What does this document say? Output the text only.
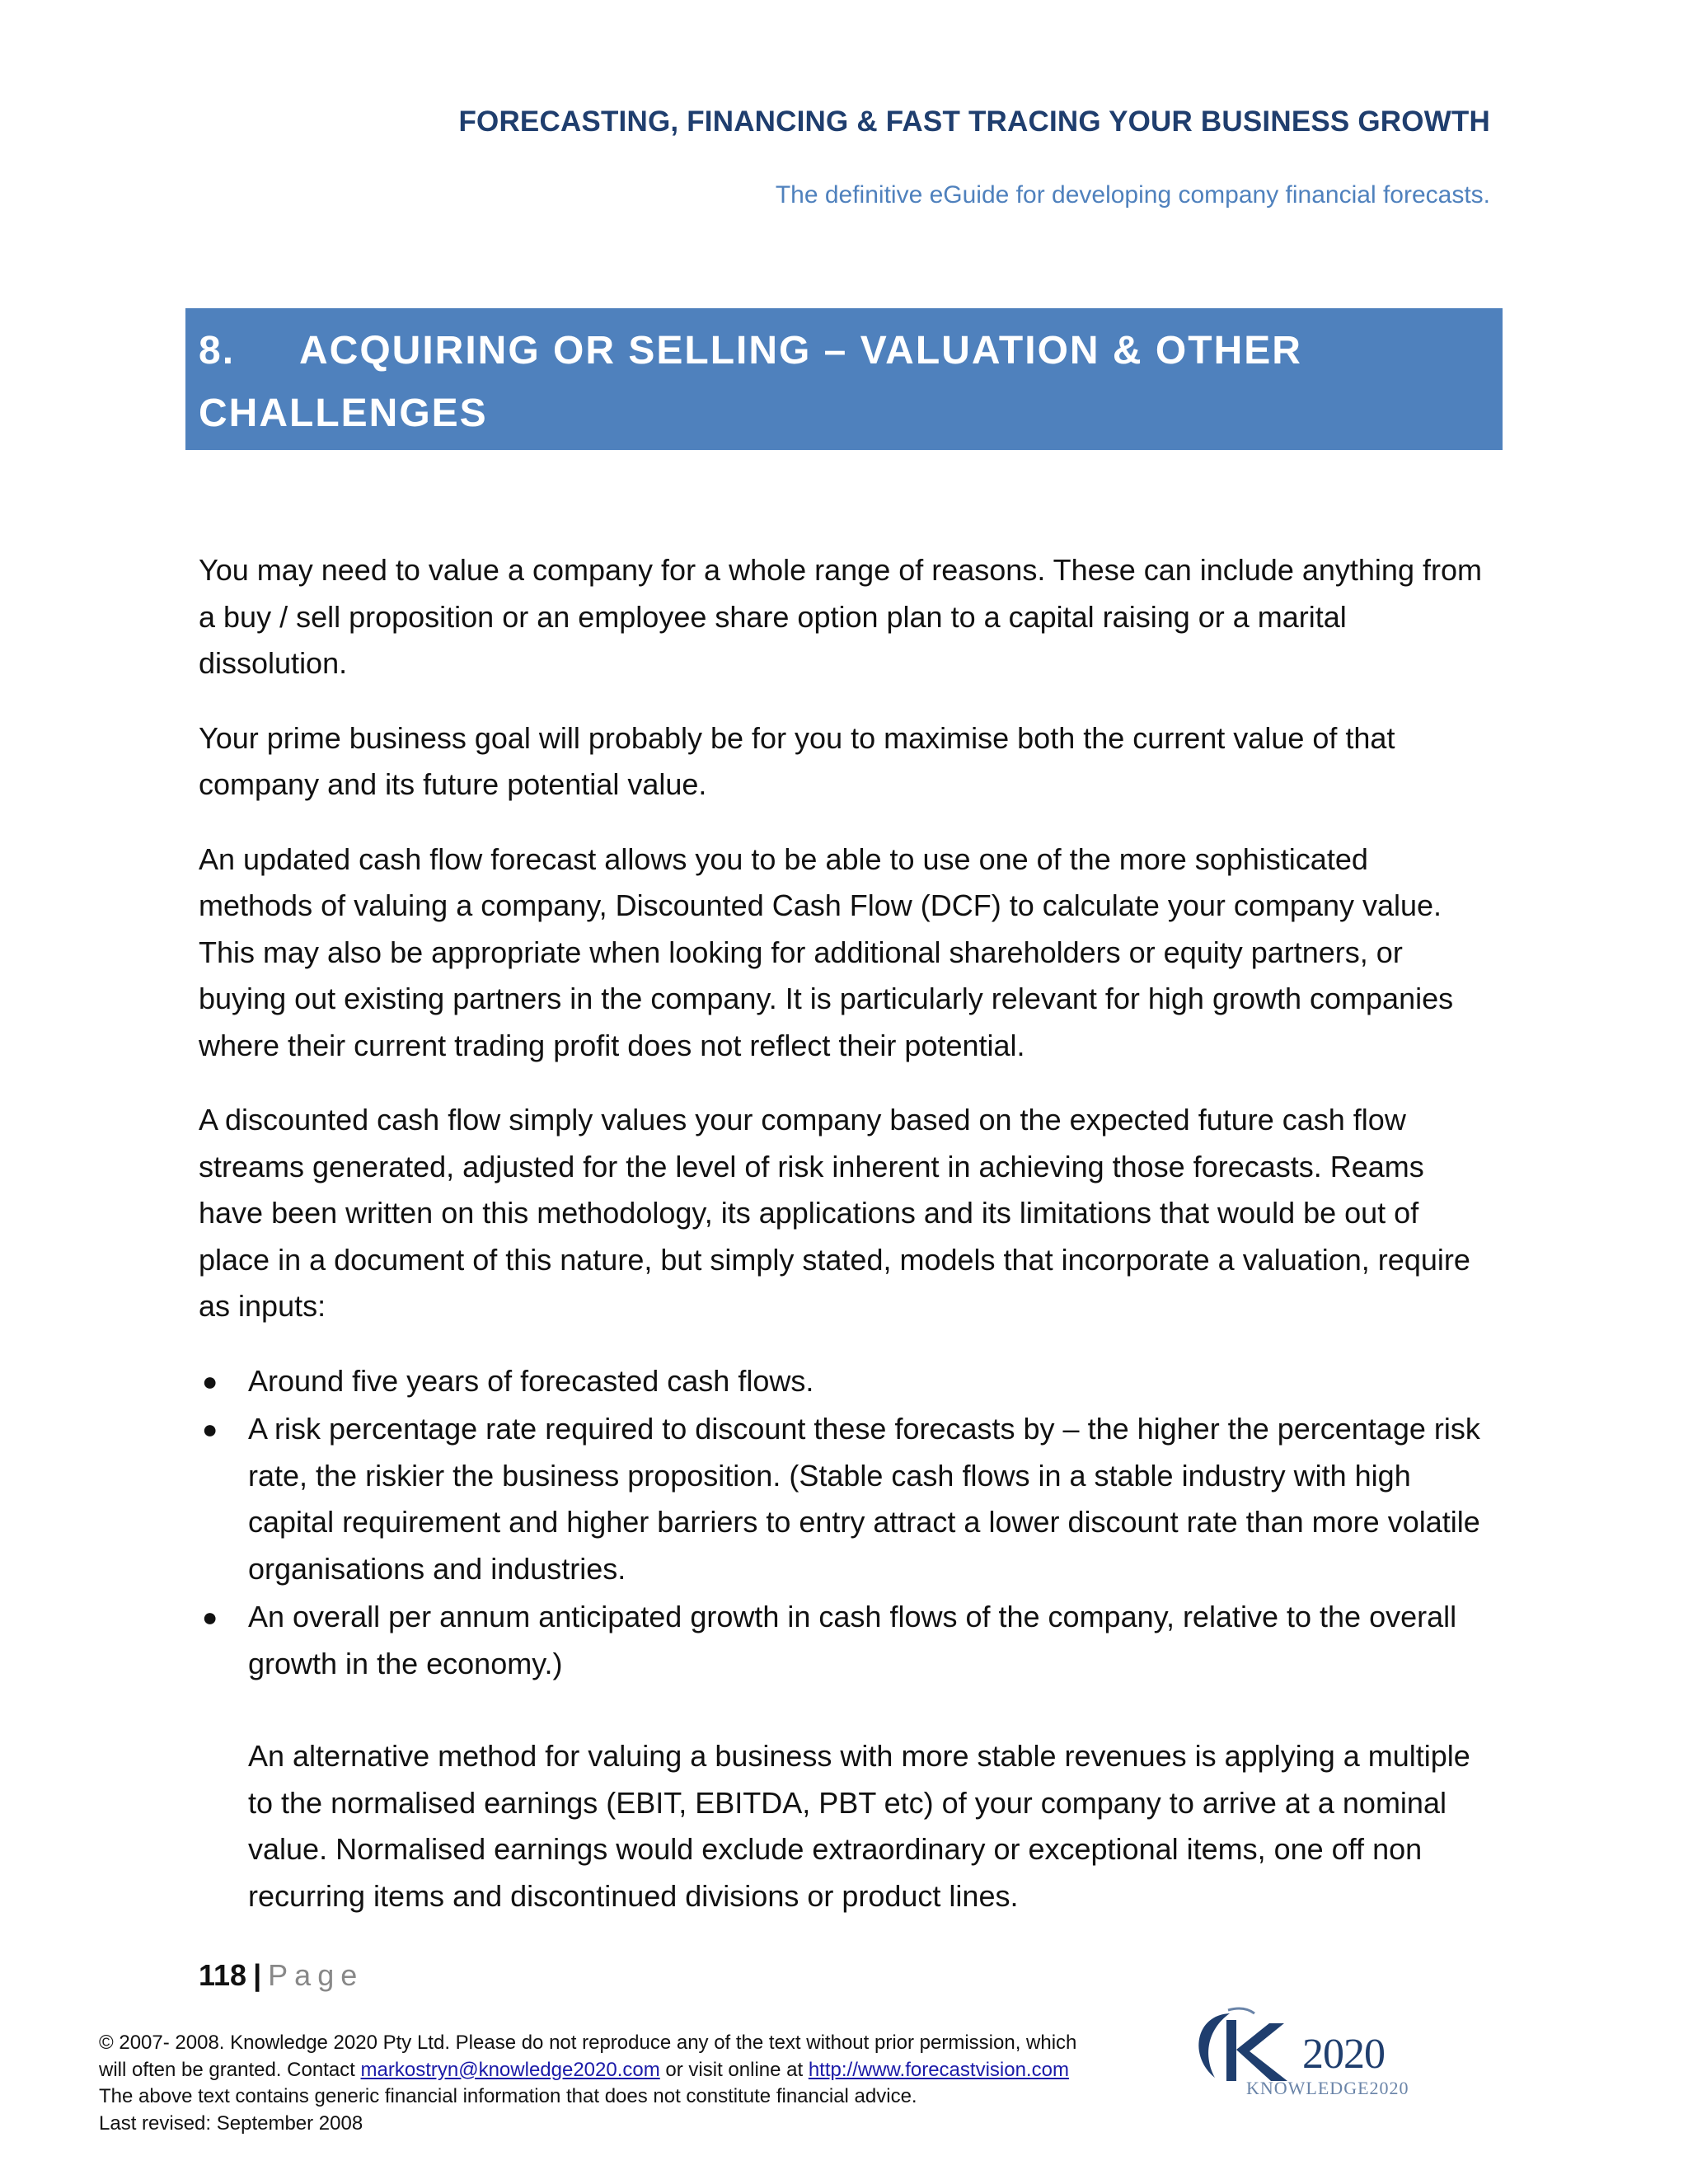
FORECASTING, FINANCING & FAST TRACING YOUR BUSINESS GROWTH
The definitive eGuide for developing company financial forecasts.
8. ACQUIRING OR SELLING – VALUATION & OTHER
CHALLENGES

You may need to value a company for a whole range of reasons. These can include anything from a buy / sell proposition or an employee share option plan to a capital raising or a marital dissolution.

Your prime business goal will probably be for you to maximise both the current value of that company and its future potential value.

An updated cash flow forecast allows you to be able to use one of the more sophisticated methods of valuing a company, Discounted Cash Flow (DCF) to calculate your company value. This may also be appropriate when looking for additional shareholders or equity partners, or buying out existing partners in the company. It is particularly relevant for high growth companies where their current trading profit does not reflect their potential.

A discounted cash flow simply values your company based on the expected future cash flow streams generated, adjusted for the level of risk inherent in achieving those forecasts. Reams have been written on this methodology, its applications and its limitations that would be out of place in a document of this nature, but simply stated, models that incorporate a valuation, require as inputs:

● Around five years of forecasted cash flows.
● A risk percentage rate required to discount these forecasts by – the higher the percentage risk rate, the riskier the business proposition. (Stable cash flows in a stable industry with high capital requirement and higher barriers to entry attract a lower discount rate than more volatile organisations and industries.
● An overall per annum anticipated growth in cash flows of the company, relative to the overall growth in the economy.)

An alternative method for valuing a business with more stable revenues is applying a multiple to the normalised earnings (EBIT, EBITDA, PBT etc) of your company to arrive at a nominal value. Normalised earnings would exclude extraordinary or exceptional items, one off non recurring items and discontinued divisions or product lines.

118 | Page
© 2007- 2008. Knowledge 2020 Pty Ltd. Please do not reproduce any of the text without prior permission, which
will often be granted. Contact markostryn@knowledge2020.com or visit online at http://www.forecastvision.com
The above text contains generic financial information that does not constitute financial advice.
Last revised: September 2008
2020
KNOWLEDGE2020
